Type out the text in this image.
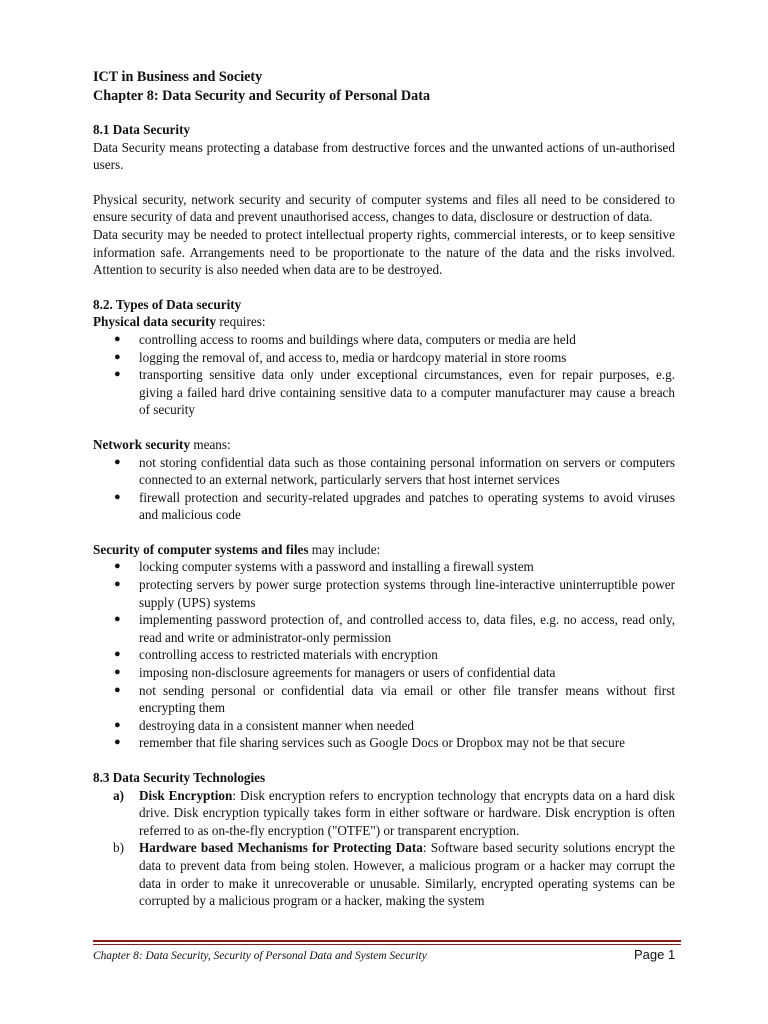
ICT in Business and Society
Chapter 8: Data Security and Security of Personal Data
8.1 Data Security

Data Security means protecting a database from destructive forces and the unwanted actions of un-authorised users.

Physical security, network security and security of computer systems and files all need to be considered to ensure security of data and prevent unauthorised access, changes to data, disclosure or destruction of data.

Data security may be needed to protect intellectual property rights, commercial interests, or to keep sensitive information safe. Arrangements need to be proportionate to the nature of the data and the risks involved. Attention to security is also needed when data are to be destroyed.

8.2. Types of Data security

Physical data security requires:

● controlling access to rooms and buildings where data, computers or media are held
● logging the removal of, and access to, media or hardcopy material in store rooms
● transporting sensitive data only under exceptional circumstances, even for repair purposes, e.g. giving a failed hard drive containing sensitive data to a computer manufacturer may cause a breach of security

Network security means:

● not storing confidential data such as those containing personal information on servers or computers connected to an external network, particularly servers that host internet services
● firewall protection and security-related upgrades and patches to operating systems to avoid viruses and malicious code

Security of computer systems and files may include:

● locking computer systems with a password and installing a firewall system
● protecting servers by power surge protection systems through line-interactive uninterruptible power supply (UPS) systems
● implementing password protection of, and controlled access to, data files, e.g. no access, read only, read and write or administrator-only permission
● controlling access to restricted materials with encryption
● imposing non-disclosure agreements for managers or users of confidential data
● not sending personal or confidential data via email or other file transfer means without first encrypting them
● destroying data in a consistent manner when needed
● remember that file sharing services such as Google Docs or Dropbox may not be that secure
8.3 Data Security Technologies
a) Disk Encryption: Disk encryption refers to encryption technology that encrypts data on a hard disk drive. Disk encryption typically takes form in either software or hardware. Disk encryption is often referred to as on-the-fly encryption ("OTFE") or transparent encryption.
b) Hardware based Mechanisms for Protecting Data: Software based security solutions encrypt the data to prevent data from being stolen. However, a malicious program or a hacker may corrupt the data in order to make it unrecoverable or unusable. Similarly, encrypted operating systems can be corrupted by a malicious program or a hacker, making the system
Chapter 8: Data Security, Security of Personal Data and System Security	Page 1
